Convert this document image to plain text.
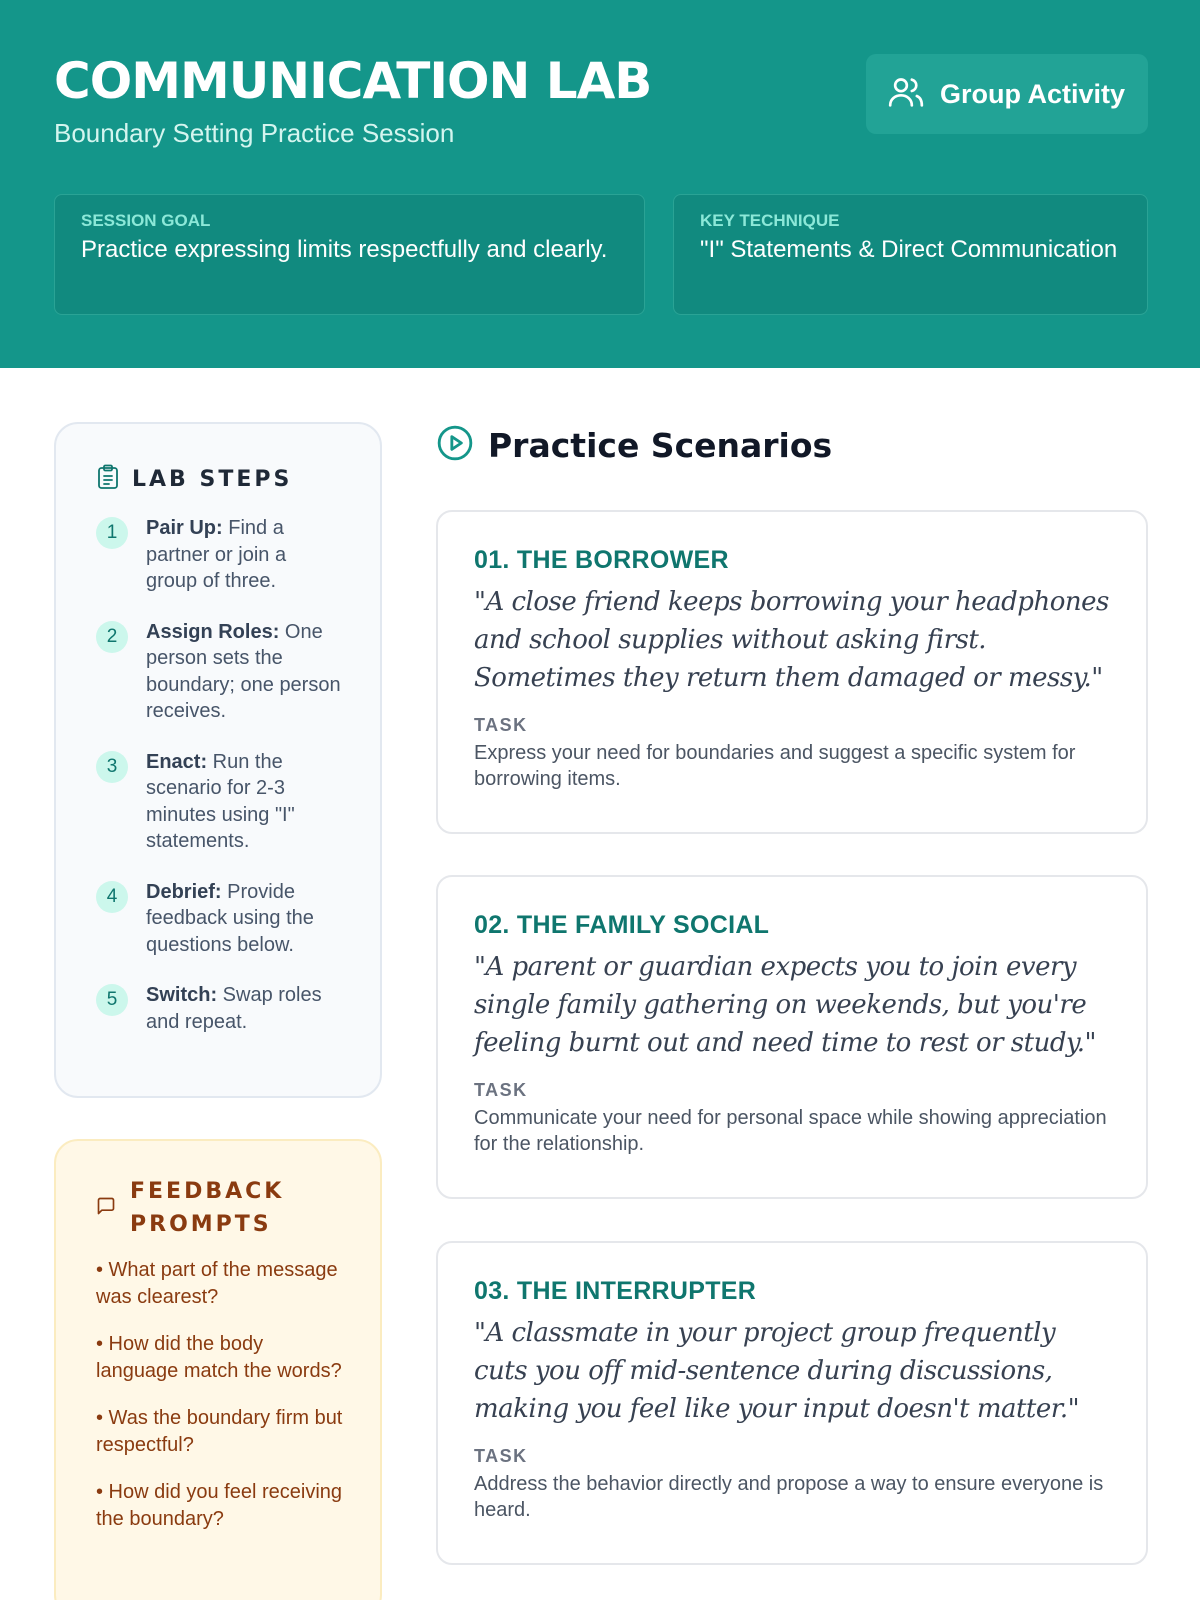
COMMUNICATION LAB
Boundary Setting Practice Session
Group Activity
SESSION GOAL
Practice expressing limits respectfully and clearly.
KEY TECHNIQUE
"I" Statements & Direct Communication
LAB STEPS
1	Pair Up: Find a partner or join a group of three.
2	Assign Roles: One person sets the boundary; one person receives.
3	Enact: Run the scenario for 2-3 minutes using "I" statements.
4	Debrief: Provide feedback using the questions below.
5	Switch: Swap roles and repeat.
FEEDBACK PROMPTS
• What part of the message was clearest?
• How did the body language match the words?
• Was the boundary firm but respectful?
• How did you feel receiving the boundary?
Practice Scenarios
01. THE BORROWER
"A close friend keeps borrowing your headphones and school supplies without asking first. Sometimes they return them damaged or messy."
TASK
Express your need for boundaries and suggest a specific system for borrowing items.
02. THE FAMILY SOCIAL
"A parent or guardian expects you to join every single family gathering on weekends, but you're feeling burnt out and need time to rest or study."
TASK
Communicate your need for personal space while showing appreciation for the relationship.
03. THE INTERRUPTER
"A classmate in your project group frequently cuts you off mid-sentence during discussions, making you feel like your input doesn't matter."
TASK
Address the behavior directly and propose a way to ensure everyone is heard.
